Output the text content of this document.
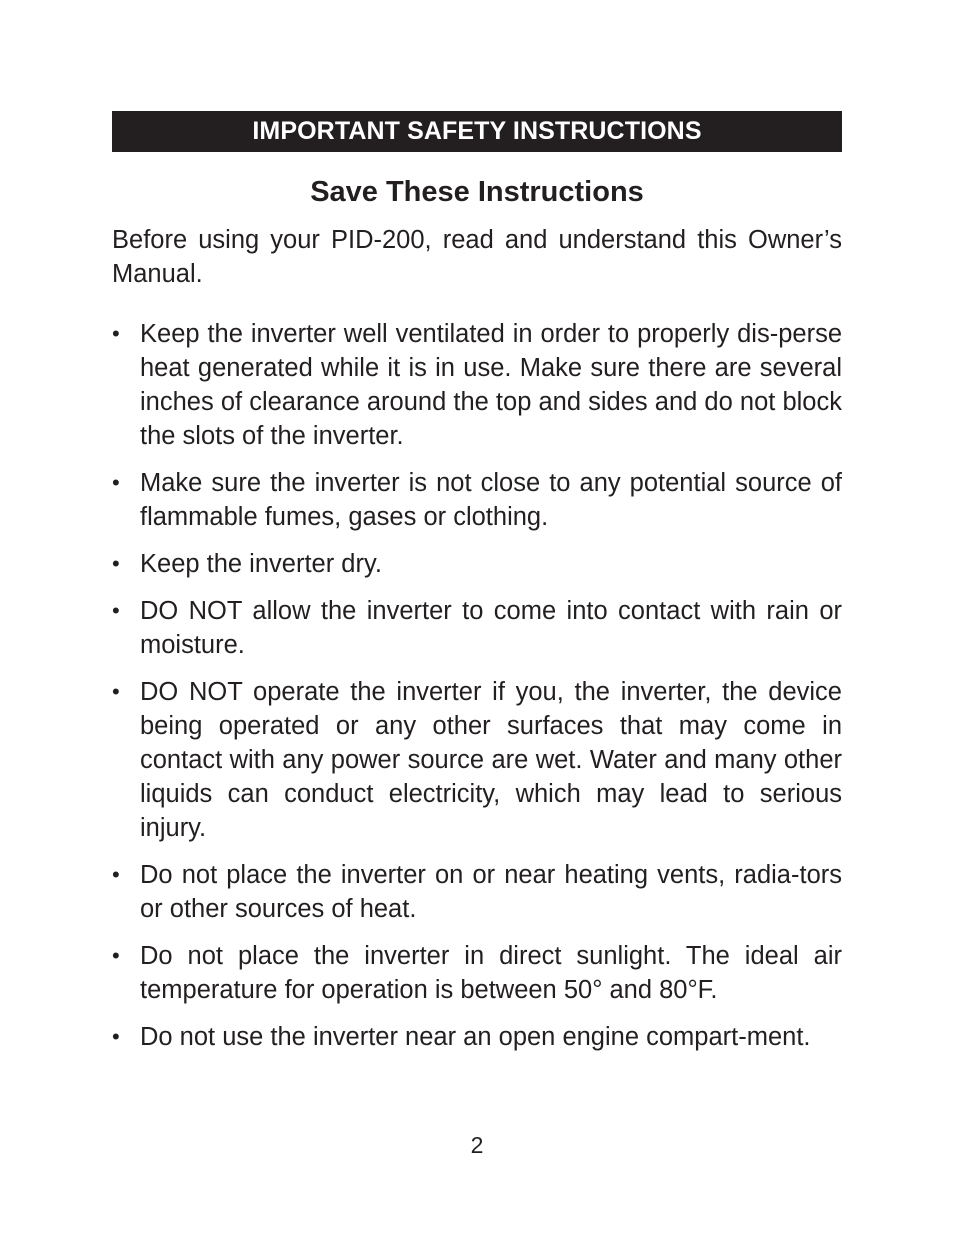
IMPORTANT SAFETY INSTRUCTIONS
Save These Instructions

Before using your PID-200, read and understand this Owner’s Manual.

• Keep the inverter well ventilated in order to properly dis-perse heat generated while it is in use. Make sure there are several inches of clearance around the top and sides and do not block the slots of the inverter.
• Make sure the inverter is not close to any potential source of flammable fumes, gases or clothing.
• Keep the inverter dry.
• DO NOT allow the inverter to come into contact with rain or moisture.
• DO NOT operate the inverter if you, the inverter, the device being operated or any other surfaces that may come in contact with any power source are wet. Water and many other liquids can conduct electricity, which may lead to serious injury.
• Do not place the inverter on or near heating vents, radia-tors or other sources of heat.
• Do not place the inverter in direct sunlight. The ideal air temperature for operation is between 50° and 80°F.
• Do not use the inverter near an open engine compart-ment.
2
